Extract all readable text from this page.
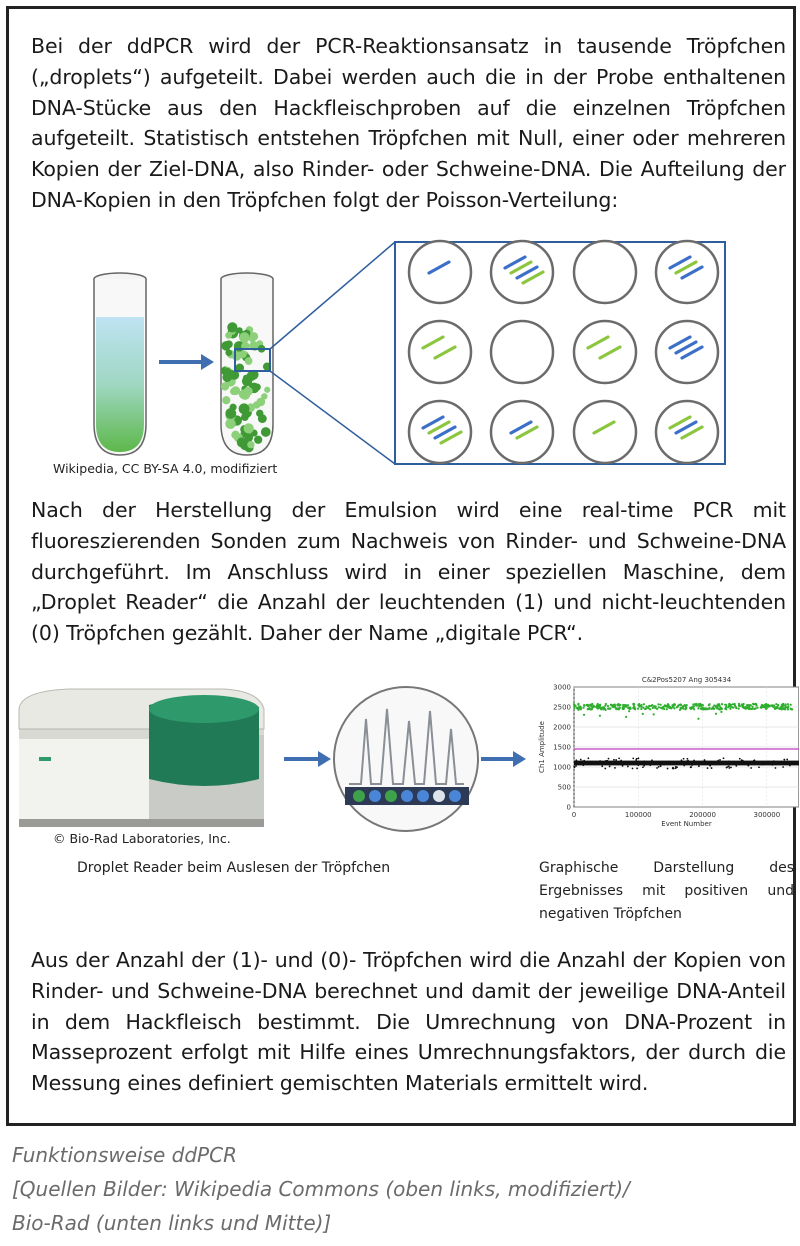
Bei der ddPCR wird der PCR-Reaktionsansatz in tausende Tröpfchen („droplets“) aufgeteilt. Dabei werden auch die in der Probe enthaltenen DNA-Stücke aus den Hackfleischproben auf die einzelnen Tröpfchen aufgeteilt. Statistisch entstehen Tröpfchen mit Null, einer oder mehreren Kopien der Ziel-DNA, also Rinder- oder Schweine-DNA. Die Aufteilung der DNA-Kopien in den Tröpfchen folgt der Poisson-Verteilung:

Wikipedia, CC BY-SA 4.0, modifiziert

Nach der Herstellung der Emulsion wird eine real-time PCR mit fluoreszierenden Sonden zum Nachweis von Rinder- und Schweine-DNA durchgeführt. Im Anschluss wird in einer speziellen Maschine, dem „Droplet Reader“ die Anzahl der leuchtenden (1) und nicht-leuchtenden (0) Tröpfchen gezählt. Daher der Name „digitale PCR“.

C&2Pos5207 Ang 305434
3000
2500
2000
1500
1000
500
0
0	100000	200000	300000
Ch1 Amplitude
Event Number
© Bio-Rad Laboratories, Inc.
Droplet Reader beim Auslesen der Tröpfchen	Graphische Darstellung des
Ergebnisses mit positiven und
negativen Tröpfchen

Aus der Anzahl der (1)- und (0)- Tröpfchen wird die Anzahl der Kopien von Rinder- und Schweine-DNA berechnet und damit der jeweilige DNA-Anteil in dem Hackfleisch bestimmt. Die Umrechnung von DNA-Prozent in Masseprozent erfolgt mit Hilfe eines Umrechnungsfaktors, der durch die Messung eines definiert gemischten Materials ermittelt wird.

Funktionsweise ddPCR
[Quellen Bilder: Wikipedia Commons (oben links, modifiziert)/
Bio-Rad (unten links und Mitte)]
